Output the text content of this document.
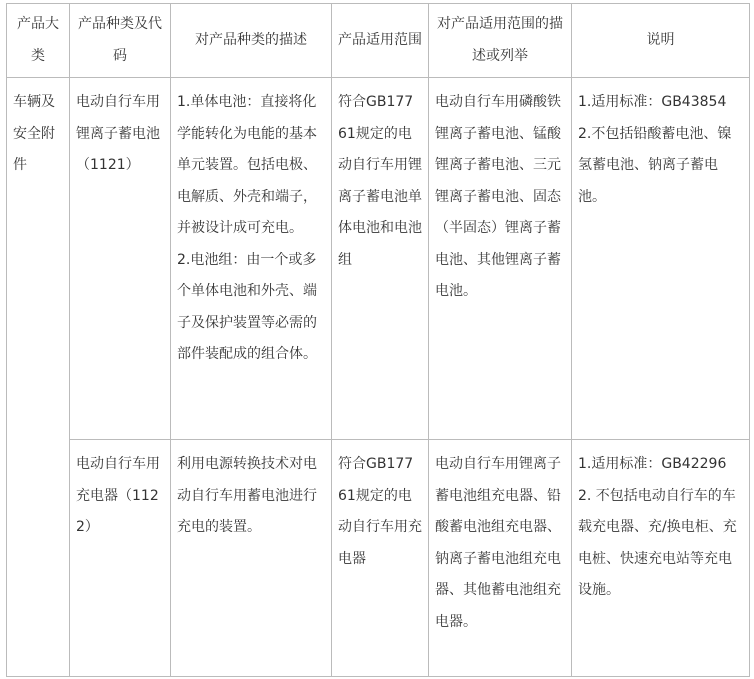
产品大类	产品种类及代码	对产品种类的描述	产品适用范围	对产品适用范围的描述或列举	说明
车辆及安全附件	电动自行车用锂离子蓄电池（1121）	1.单体电池：直接将化学能转化为电能的基本单元装置。包括电极、电解质、外壳和端子，并被设计成可充电。
2.电池组：由一个或多个单体电池和外壳、端子及保护装置等必需的部件装配成的组合体。	符合GB17761规定的电动自行车用锂离子蓄电池单体电池和电池组	电动自行车用磷酸铁锂离子蓄电池、锰酸锂离子蓄电池、三元锂离子蓄电池、固态（半固态）锂离子蓄电池、其他锂离子蓄电池。	1.适用标准：GB43854
2.不包括铅酸蓄电池、镍氢蓄电池、钠离子蓄电池。

	电动自行车用充电器（1122）	利用电源转换技术对电动自行车用蓄电池进行充电的装置。	符合GB17761规定的电动自行车用充电器	电动自行车用锂离子蓄电池组充电器、铅酸蓄电池组充电器、钠离子蓄电池组充电器、其他蓄电池组充电器。	1.适用标准：GB42296
2. 不包括电动自行车的车载充电器、充/换电柜、充电桩、快速充电站等充电设施。
